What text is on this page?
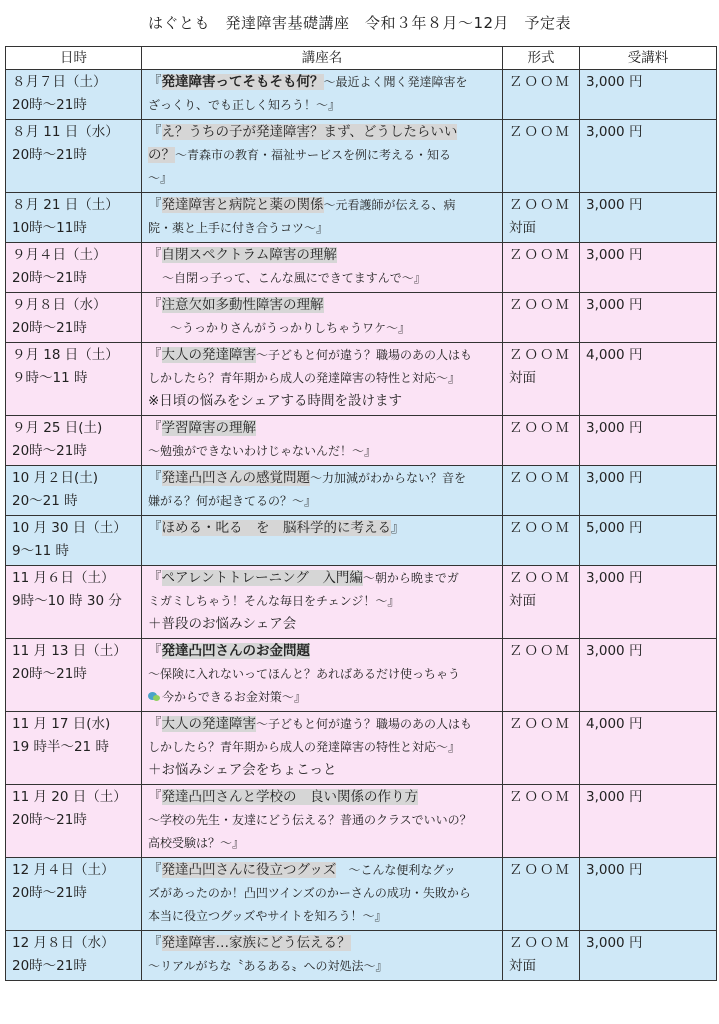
はぐとも　発達障害基礎講座　令和３年８月〜12月　予定表
日時	講座名	形式	受講料

８月７日（土）
20時〜21時	『発達障害ってそもそも何？〜最近よく聞く発達障害を
ざっくり、でも正しく知ろう！〜』	ＺＯＯＭ	3,000 円

８月 11 日（水）
20時〜21時	『え？うちの子が発達障害？まず、どうしたらいい
の？〜青森市の教育・福祉サービスを例に考える・知る
〜』	ＺＯＯＭ	3,000 円

８月 21 日（土）
10時〜11時	『発達障害と病院と薬の関係〜元看護師が伝える、病
院・薬と上手に付き合うコツ〜』	ＺＯＯＭ
対面	3,000 円

９月４日（土）
20時〜21時	『自閉スペクトラム障害の理解
〜自閉っ子って、こんな風にできてますんで〜』	ＺＯＯＭ	3,000 円

９月８日（水）
20時〜21時	『注意欠如多動性障害の理解
〜うっかりさんがうっかりしちゃうワケ〜』	ＺＯＯＭ	3,000 円

９月 18 日（土）
９時〜11 時	『大人の発達障害〜子どもと何が違う？職場のあの人はも
しかしたら？青年期から成人の発達障害の特性と対応〜』
※日頃の悩みをシェアする時間を設けます	ＺＯＯＭ
対面	4,000 円

９月 25 日(土)
20時〜21時	『学習障害の理解
〜勉強ができないわけじゃないんだ！〜』	ＺＯＯＭ	3,000 円

10 月２日(土)
20〜21 時	『発達凸凹さんの感覚問題〜力加減がわからない？音を
嫌がる？何が起きてるの？〜』	ＺＯＯＭ	3,000 円

10 月 30 日（土）
9〜11 時	『ほめる・叱る　を　脳科学的に考える』	ＺＯＯＭ	5,000 円

11 月６日（土）
9時〜10 時 30 分	『ペアレントトレーニング　入門編〜朝から晩までガ
ミガミしちゃう！そんな毎日をチェンジ！〜』
＋普段のお悩みシェア会	ＺＯＯＭ
対面	3,000 円

11 月 13 日（土）
20時〜21時	『発達凸凹さんのお金問題
〜保険に入れないってほんと？あればあるだけ使っちゃう
今からできるお金対策〜』	ＺＯＯＭ	3,000 円

11 月 17 日(水)
19 時半〜21 時	『大人の発達障害〜子どもと何が違う？職場のあの人はも
しかしたら？青年期から成人の発達障害の特性と対応〜』
＋お悩みシェア会をちょこっと	ＺＯＯＭ	4,000 円

11 月 20 日（土）
20時〜21時	『発達凸凹さんと学校の　良い関係の作り方
〜学校の先生・友達にどう伝える？普通のクラスでいいの？
高校受験は？〜』	ＺＯＯＭ	3,000 円

12 月４日（土）
20時〜21時	『発達凸凹さんに役立つグッズ　〜こんな便利なグッ
ズがあったのか！凸凹ツインズのかーさんの成功・失敗から
本当に役立つグッズやサイトを知ろう！〜』	ＺＯＯＭ	3,000 円

12 月８日（水）
20時〜21時	『発達障害…家族にどう伝える？
〜リアルがちな〝あるある〟への対処法〜』	ＺＯＯＭ
対面	3,000 円
